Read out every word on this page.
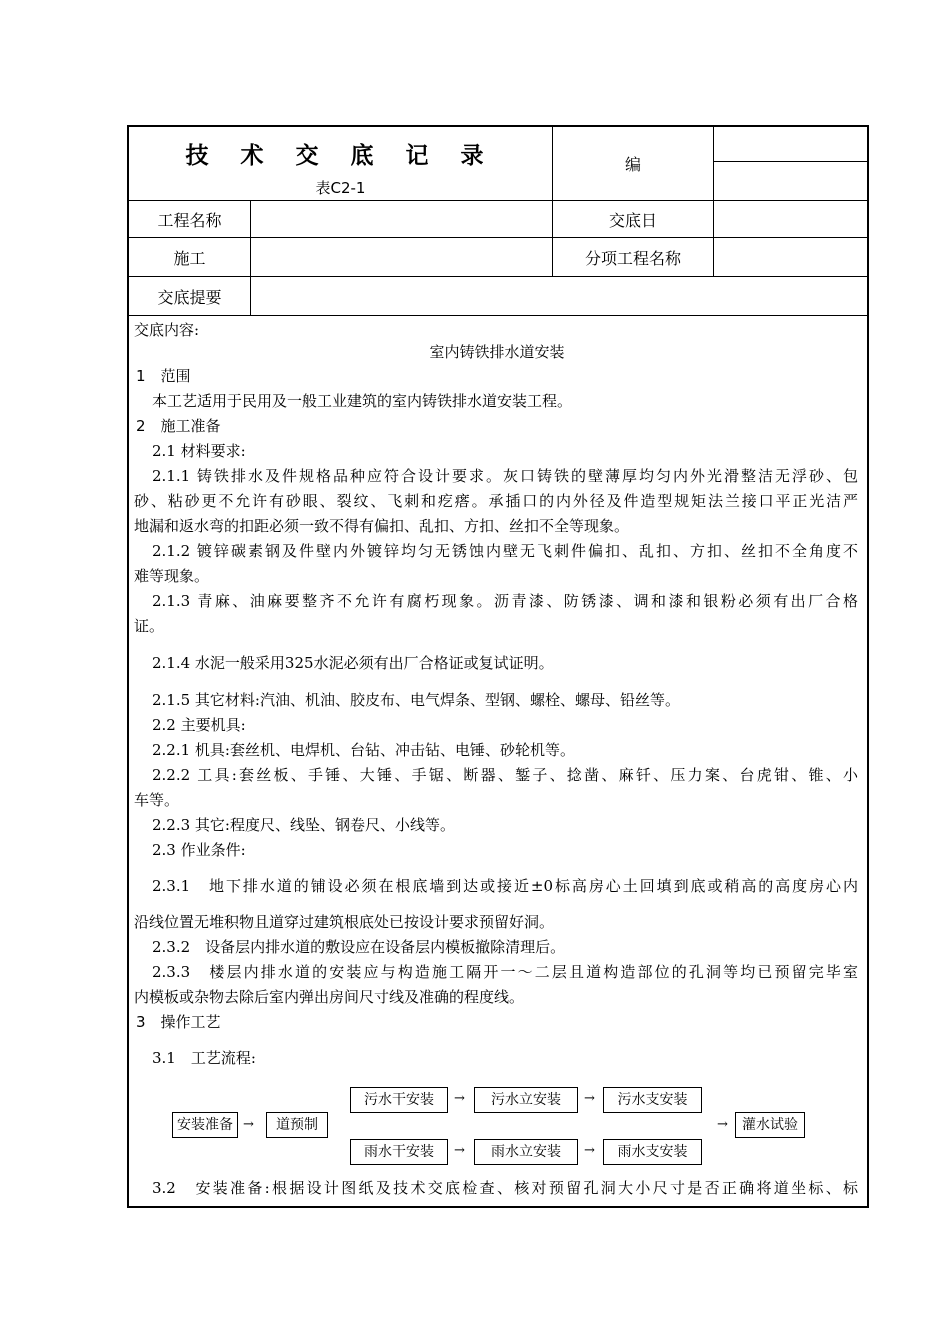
技 术 交 底 记 录
表C2-1
编
工程名称	交底日
施工	分项工程名称
交底提要
交底内容:
室内铸铁排水道安装
1　范围
本工艺适用于民用及一般工业建筑的室内铸铁排水道安装工程。
2　施工准备
2.1 材料要求:
2.1.1 铸铁排水及件规格品种应符合设计要求。灰口铸铁的壁薄厚均匀内外光滑整洁无浮砂、包
砂、粘砂更不允许有砂眼、裂纹、飞刺和疙瘩。承插口的内外径及件造型规矩法兰接口平正光洁严
地漏和返水弯的扣距必须一致不得有偏扣、乱扣、方扣、丝扣不全等现象。
2.1.2 镀锌碳素钢及件壁内外镀锌均匀无锈蚀内壁无飞刺件偏扣、乱扣、方扣、丝扣不全角度不
难等现象。
2.1.3 青麻、油麻要整齐不允许有腐朽现象。沥青漆、防锈漆、调和漆和银粉必须有出厂合格
证。
2.1.4 水泥一般采用325水泥必须有出厂合格证或复试证明。
2.1.5 其它材料:汽油、机油、胶皮布、电气焊条、型钢、螺栓、螺母、铅丝等。
2.2 主要机具:
2.2.1 机具:套丝机、电焊机、台钻、冲击钻、电锤、砂轮机等。
2.2.2 工具:套丝板、手锤、大锤、手锯、断器、錾子、捻凿、麻钎、压力案、台虎钳、锥、小
车等。
2.2.3 其它:程度尺、线坠、钢卷尺、小线等。
2.3 作业条件:
2.3.1　地下排水道的铺设必须在根底墙到达或接近±0标高房心土回填到底或稍高的高度房心内
沿线位置无堆积物且道穿过建筑根底处已按设计要求预留好洞。
2.3.2　设备层内排水道的敷设应在设备层内模板撤除清理后。
2.3.3　楼层内排水道的安装应与构造施工隔开一～二层且道构造部位的孔洞等均已预留完毕室
内模板或杂物去除后室内弹出房间尺寸线及准确的程度线。
3　操作工艺
3.1　工艺流程:
3.2　安装准备:根据设计图纸及技术交底检查、核对预留孔洞大小尺寸是否正确将道坐标、标
安装准备 →	道预制
污水干安装	→	污水立安装	→	污水支安装
雨水干安装	→	雨水立安装	→	雨水支安装
→	灌水试验
